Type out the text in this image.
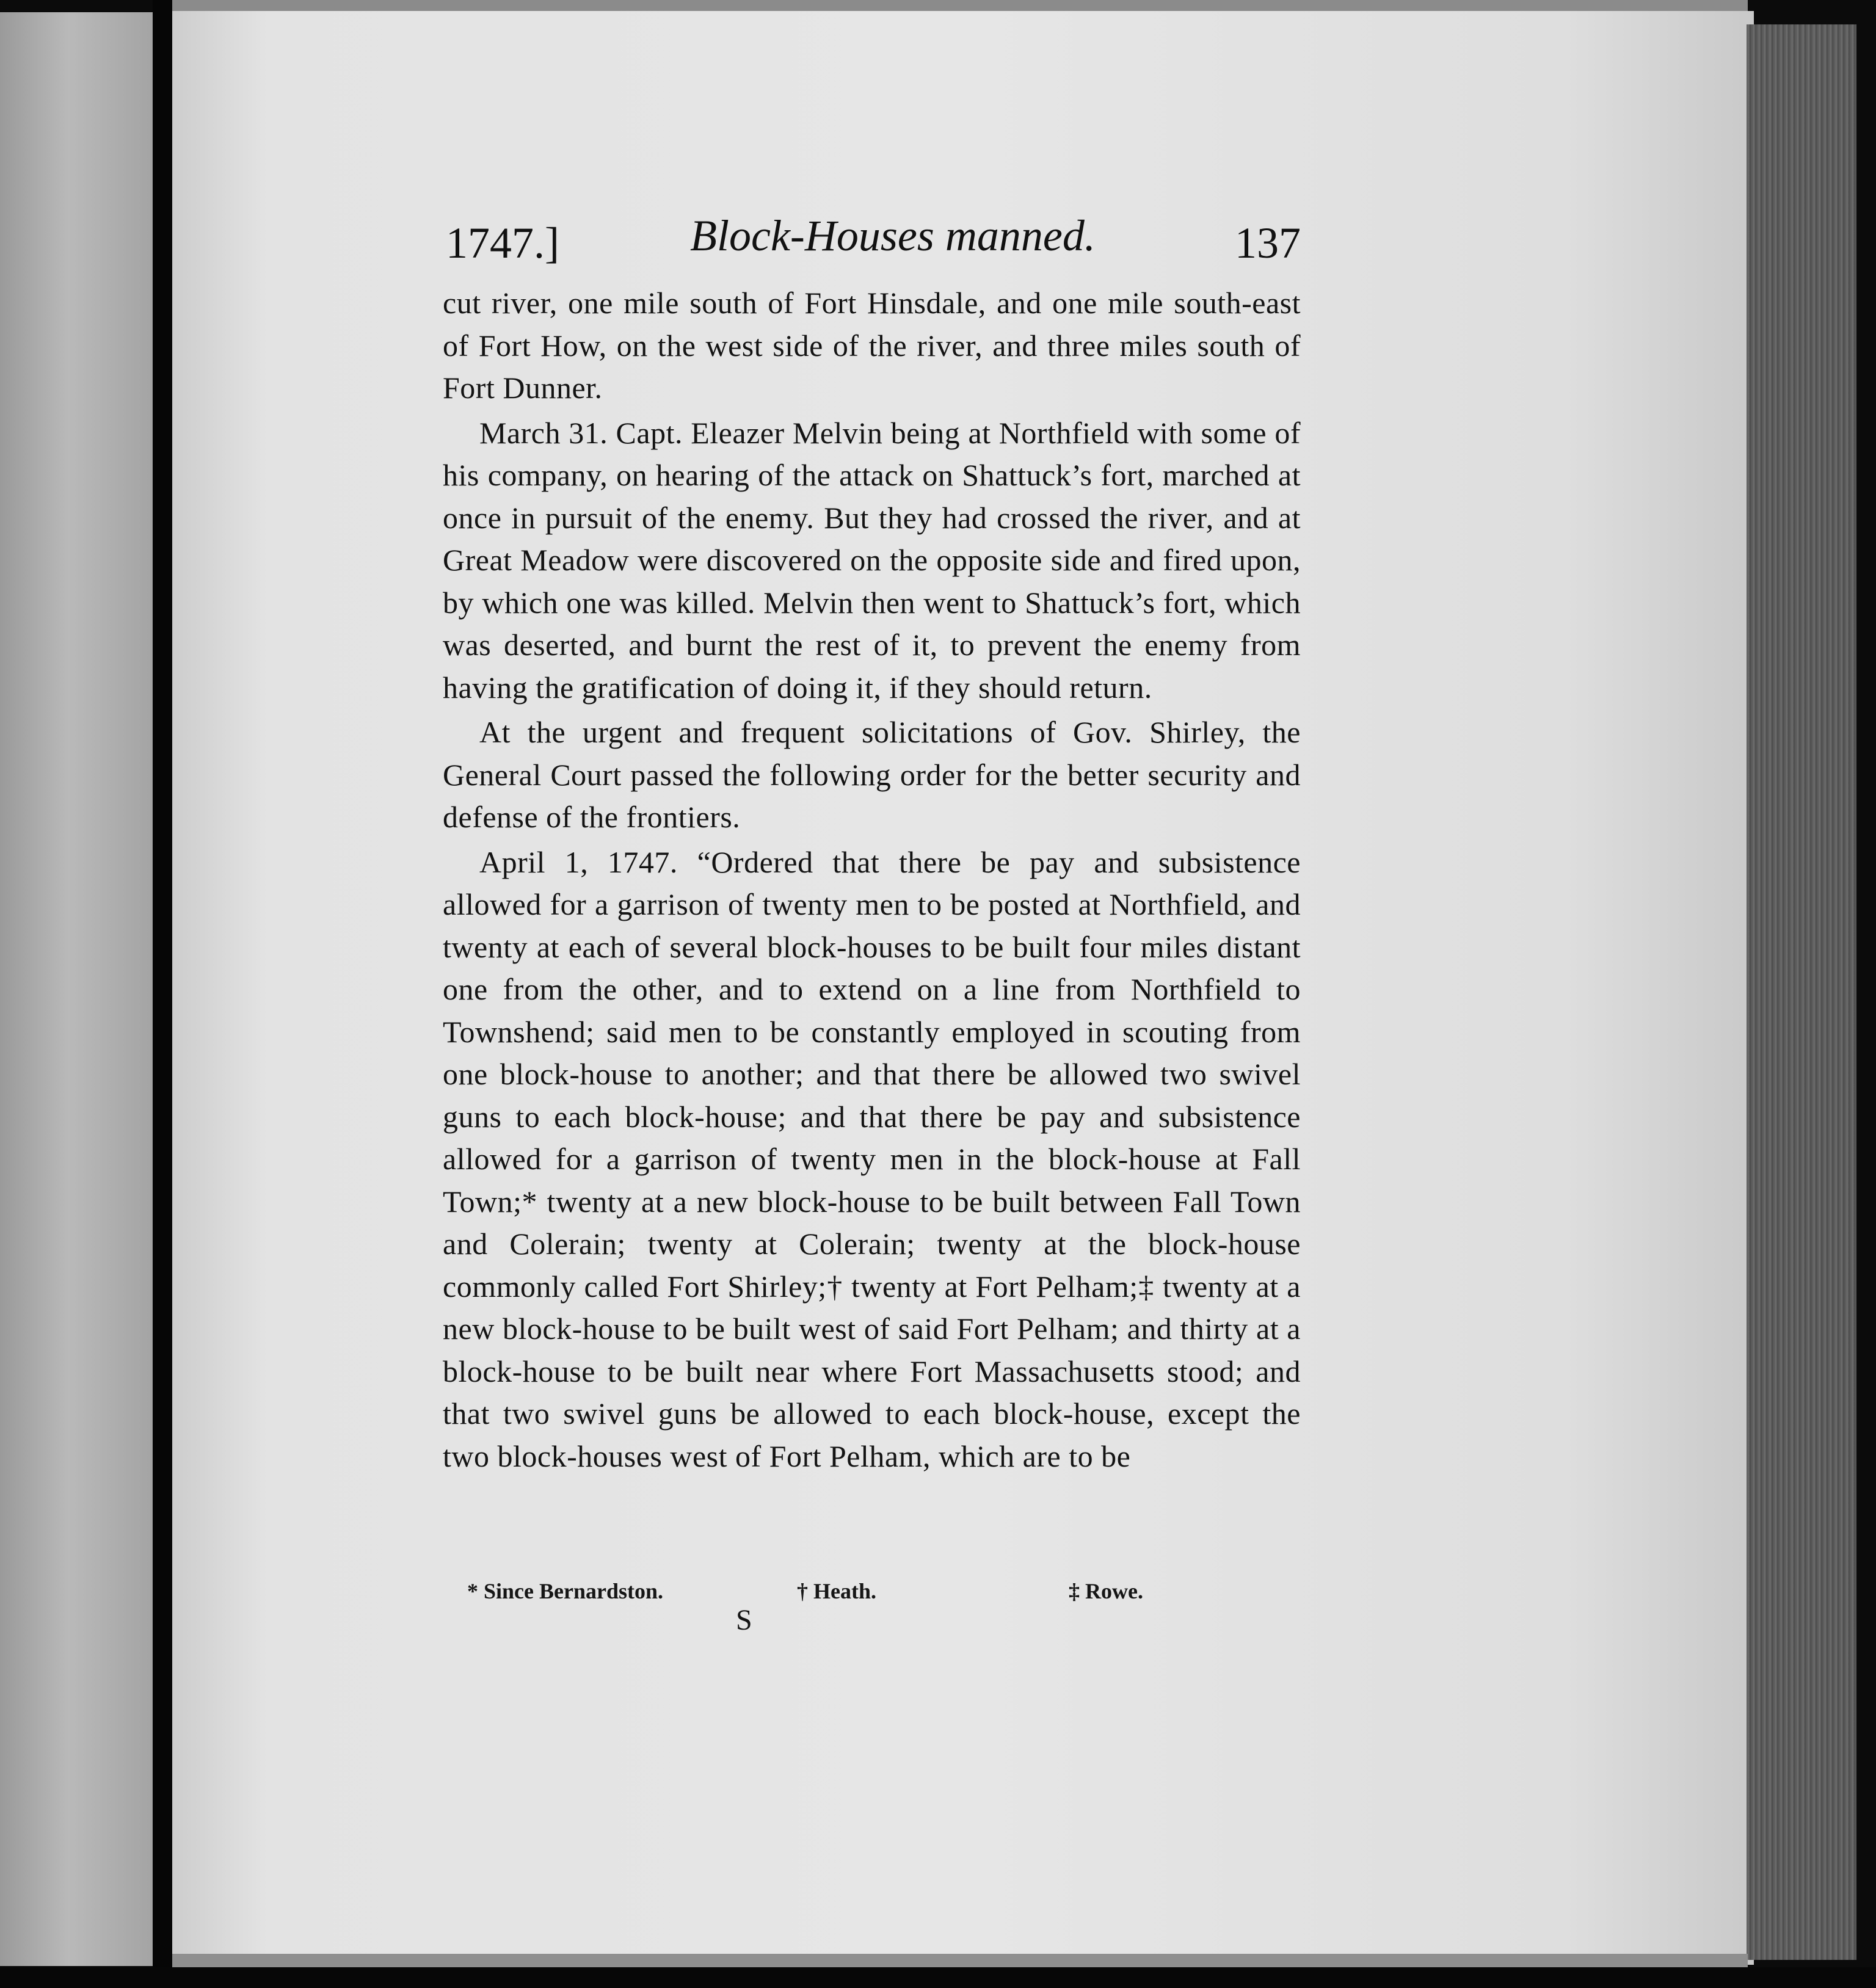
1747.]	Block-Houses manned.	137

cut river, one mile south of Fort Hinsdale, and one mile south-east of Fort How, on the west side of the river, and three miles south of Fort Dunner.

March 31. Capt. Eleazer Melvin being at Northfield with some of his company, on hearing of the attack on Shattuck’s fort, marched at once in pursuit of the enemy. But they had crossed the river, and at Great Meadow were discovered on the opposite side and fired upon, by which one was killed. Melvin then went to Shattuck’s fort, which was deserted, and burnt the rest of it, to prevent the enemy from having the gratification of doing it, if they should return.

At the urgent and frequent solicitations of Gov. Shirley, the General Court passed the following order for the better security and defense of the frontiers.

April 1, 1747. “Ordered that there be pay and subsistence allowed for a garrison of twenty men to be posted at Northfield, and twenty at each of several block-houses to be built four miles distant one from the other, and to extend on a line from Northfield to Townshend; said men to be constantly employed in scouting from one block-house to another; and that there be allowed two swivel guns to each block-house; and that there be pay and subsistence allowed for a garrison of twenty men in the block-house at Fall Town;* twenty at a new block-house to be built between Fall Town and Colerain; twenty at Colerain; twenty at the block-house commonly called Fort Shirley;† twenty at Fort Pelham;‡ twenty at a new block-house to be built west of said Fort Pelham; and thirty at a block-house to be built near where Fort Massachusetts stood; and that two swivel guns be allowed to each block-house, except the two block-houses west of Fort Pelham, which are to be

* Since Bernardston.	† Heath.	‡ Rowe.
S
